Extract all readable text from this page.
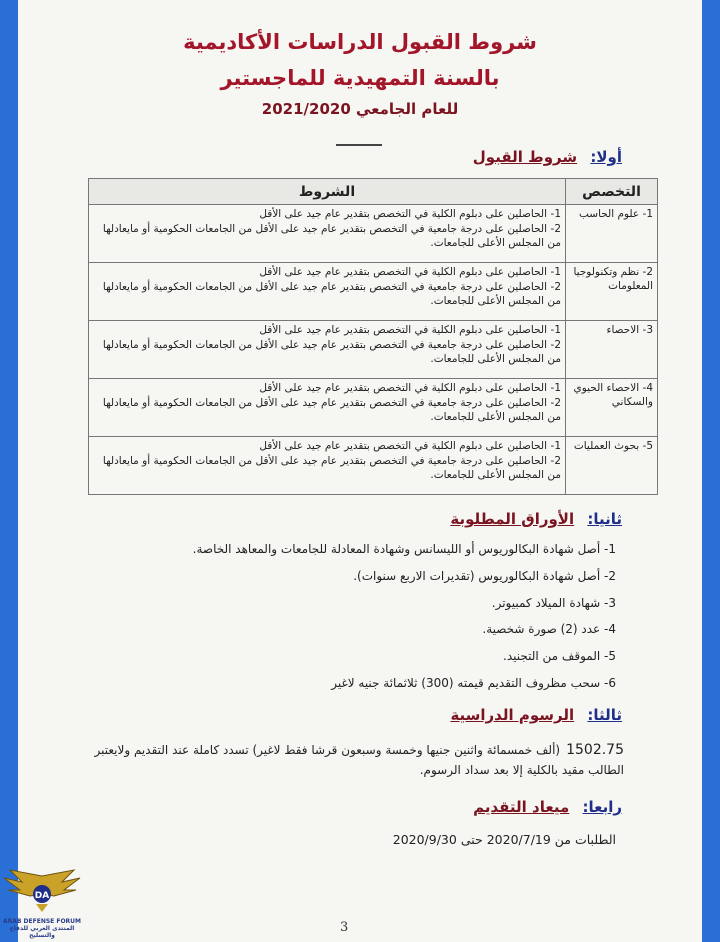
شروط القبول الدراسات الأكاديمية
بالسنة التمهيدية للماجستير
للعام الجامعي 2021/2020
أولا: شروط القبول
التخصص	الشروط
1- علوم الحاسب	1-الحاصلين على دبلوم الكلية في التخصص بتقدير عام جيد على الأقل
2-الحاصلين على درجة جامعية في التخصص بتقدير عام جيد على الأقل من الجامعات الحكومية أو مايعادلها من المجلس الأعلى للجامعات.

2- نظم وتكنولوجيا المعلومات	1-الحاصلين على دبلوم الكلية في التخصص بتقدير عام جيد على الأقل
2-الحاصلين على درجة جامعية في التخصص بتقدير عام جيد على الأقل من الجامعات الحكومية أو مايعادلها من المجلس الأعلى للجامعات.

3- الاحصاء	1-الحاصلين على دبلوم الكلية في التخصص بتقدير عام جيد على الأقل
2-الحاصلين على درجة جامعية في التخصص بتقدير عام جيد على الأقل من الجامعات الحكومية أو مايعادلها من المجلس الأعلى للجامعات.

4- الاحصاء الحيوي والسكاني	1-الحاصلين على دبلوم الكلية في التخصص بتقدير عام جيد على الأقل
2-الحاصلين على درجة جامعية في التخصص بتقدير عام جيد على الأقل من الجامعات الحكومية أو مايعادلها من المجلس الأعلى للجامعات.

5- بحوث العمليات	1-الحاصلين على دبلوم الكلية في التخصص بتقدير عام جيد على الأقل
2-الحاصلين على درجة جامعية في التخصص بتقدير عام جيد على الأقل من الجامعات الحكومية أو مايعادلها من المجلس الأعلى للجامعات.
ثانيا: الأوراق المطلوبة
1- أصل شهادة البكالوريوس أو الليسانس وشهادة المعادلة للجامعات والمعاهد الخاصة.
2- أصل شهادة البكالوريوس (تقديرات الاربع سنوات).
3- شهادة الميلاد كمبيوتر.
4- عدد (2) صورة شخصية.
5- الموقف من التجنيد.
6- سحب مظروف التقديم قيمته (300) ثلاثمائة جنيه لاغير
ثالثا: الرسوم الدراسية
1502.75(ألف خمسمائة واثنين جنيها وخمسة وسبعون قرشا فقط لاغير) تسدد كاملة عند التقديم ولايعتبر الطالب مقيد بالكلية إلا بعد سداد الرسوم.
رابعا: ميعاد التقديم
الطلبات من 2020/7/19 حتى 2020/9/30
3
DA
ARAB DEFENSE FORUM
المنتدى العربي للدفاع والتسليح
